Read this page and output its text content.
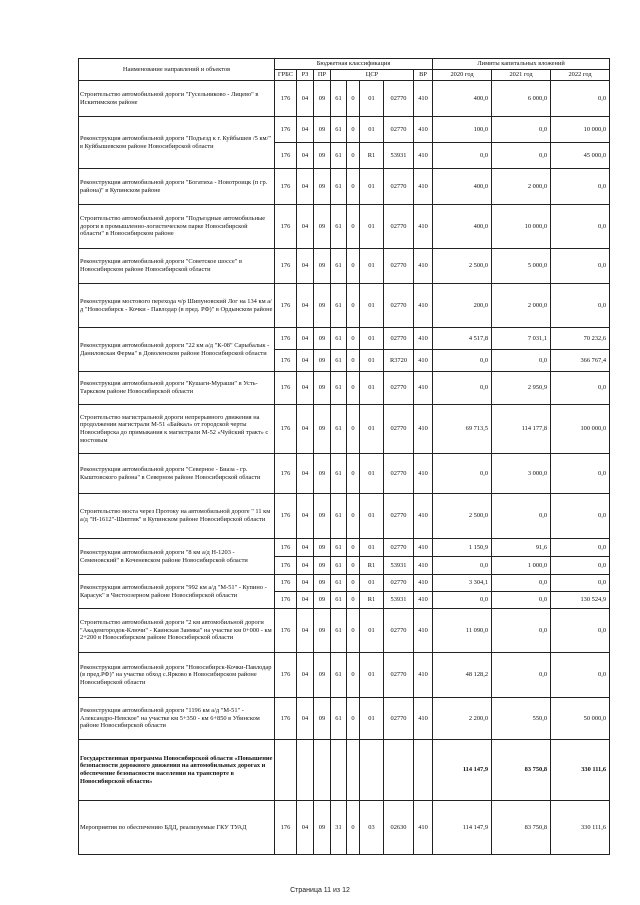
Наименование направлений и объектов	Бюджетная классификация								Лимиты капитальных вложений		
	ГРБС	РЗ	ПР	ЦСР				ВР	2020 год	2021 год	2022 год
Строительство автомобильной дороги "Гусельниково - Лицево" в Искитимском районе	176	04	09	61	0	01	02770	410	400,0	6 000,0	0,0
Реконструкция автомобильной дороги "Подъезд к г. Куйбышев /5 км/" в Куйбышевском районе Новосибирской области	176	04	09	61	0	01	02770	410	100,0	0,0	10 000,0
	176	04	09	61	0	R1	53931	410	0,0	0,0	45 000,0
Реконструкция автомобильной дороги "Богатиха - Новотроицк (п гр. района)" в Купинском районе	176	04	09	61	0	01	02770	410	400,0	2 000,0	0,0
Строительство автомобильной дороги "Подъездные автомобильные дороги в промышленно-логистическом парке Новосибирской области" в Новосибирском районе	176	04	09	61	0	01	02770	410	400,0	10 000,0	0,0
Реконструкция автомобильной дороги "Советское шоссе" в Новосибирском районе Новосибирской области	176	04	09	61	0	01	02770	410	2 500,0	5 000,0	0,0
Реконструкция мостового перехода ч/р Шипуновский Лог на 134 км а/д "Новосибирск - Кочки - Павлодар (в пред. РФ)" в Ордынском районе	176	04	09	61	0	01	02770	410	200,0	2 000,0	0,0
Реконструкция автомобильной дороги "22 км а/д "К-08" Сарыбалык - Даниловская Ферма" в Доволенском районе Новосибирской области	176	04	09	61	0	01	02770	410	4 517,8	7 031,1	70 232,6
	176	04	09	61	0	01	R3720	410	0,0	0,0	366 767,4
Реконструкция автомобильной дороги "Кушаги-Мураши" в Усть-Таркском районе Новосибирской области	176	04	09	61	0	01	02770	410	0,0	2 950,9	0,0
Строительство магистральной дороги непрерывного движения на продолжении магистрали М-51 «Байкал» от городской черты Новосибирска до примыкания к магистрали М-52 «Чуйский тракт» с мостовым	176	04	09	61	0	01	02770	410	69 713,5	114 177,8	100 000,0
Реконструкция автомобильной дороги "Северное - Биаза - гр. Кыштовского района" в Северном районе Новосибирской области	176	04	09	61	0	01	02770	410	0,0	3 000,0	0,0
Строительство моста через Протоку на автомобильной дороге " 11 км а/д "Н-1612"-Шиптик" в Купинском районе Новосибирской области	176	04	09	61	0	01	02770	410	2 500,0	0,0	0,0
Реконструкция автомобильной дороги "8 км а/д Н-1203 - Семеновский" в Коченевском районе Новосибирской области	176	04	09	61	0	01	02770	410	1 150,9	91,6	0,0
	176	04	09	61	0	R1	53931	410	0,0	1 000,0	0,0
Реконструкция автомобильной дороги "992 км а/д "М-51" - Купино - Карасук" в Чистоозерном районе Новосибирской области	176	04	09	61	0	01	02770	410	3 304,1	0,0	0,0
	176	04	09	61	0	R1	53931	410	0,0	0,0	130 524,9
Строительство автомобильной дороги "2 км автомобильной дороги "Академгородок-Ключи" - Каинская Заимка" на участке км 0+000 - км 2+200 в Новосибирском районе Новосибирской области	176	04	09	61	0	01	02770	410	11 090,0	0,0	0,0
Реконструкция автомобильной дороги "Новосибирск-Кочки-Павлодар (в пред.РФ)" на участке обход с.Ярково в Новосибирском районе Новосибирской области	176	04	09	61	0	01	02770	410	48 128,2	0,0	0,0
Реконструкция автомобильной дороги "1196 км а/д "М-51" - Александро-Невское" на участке км 5+350 - км 6+850 в Убинском районе Новосибирской области	176	04	09	61	0	01	02770	410	2 200,0	550,0	50 000,0
Государственная программа Новосибирской области «Повышение безопасности дорожного движения на автомобильных дорогах и обеспечение безопасности населения на транспорте в Новосибирской области»									114 147,9	83 750,8	330 111,6
Мероприятия по обеспечению БДД, реализуемые ГКУ ТУАД	176	04	09	31	0	03	02630	410	114 147,9	83 750,8	330 111,6
Страница 11 из 12
